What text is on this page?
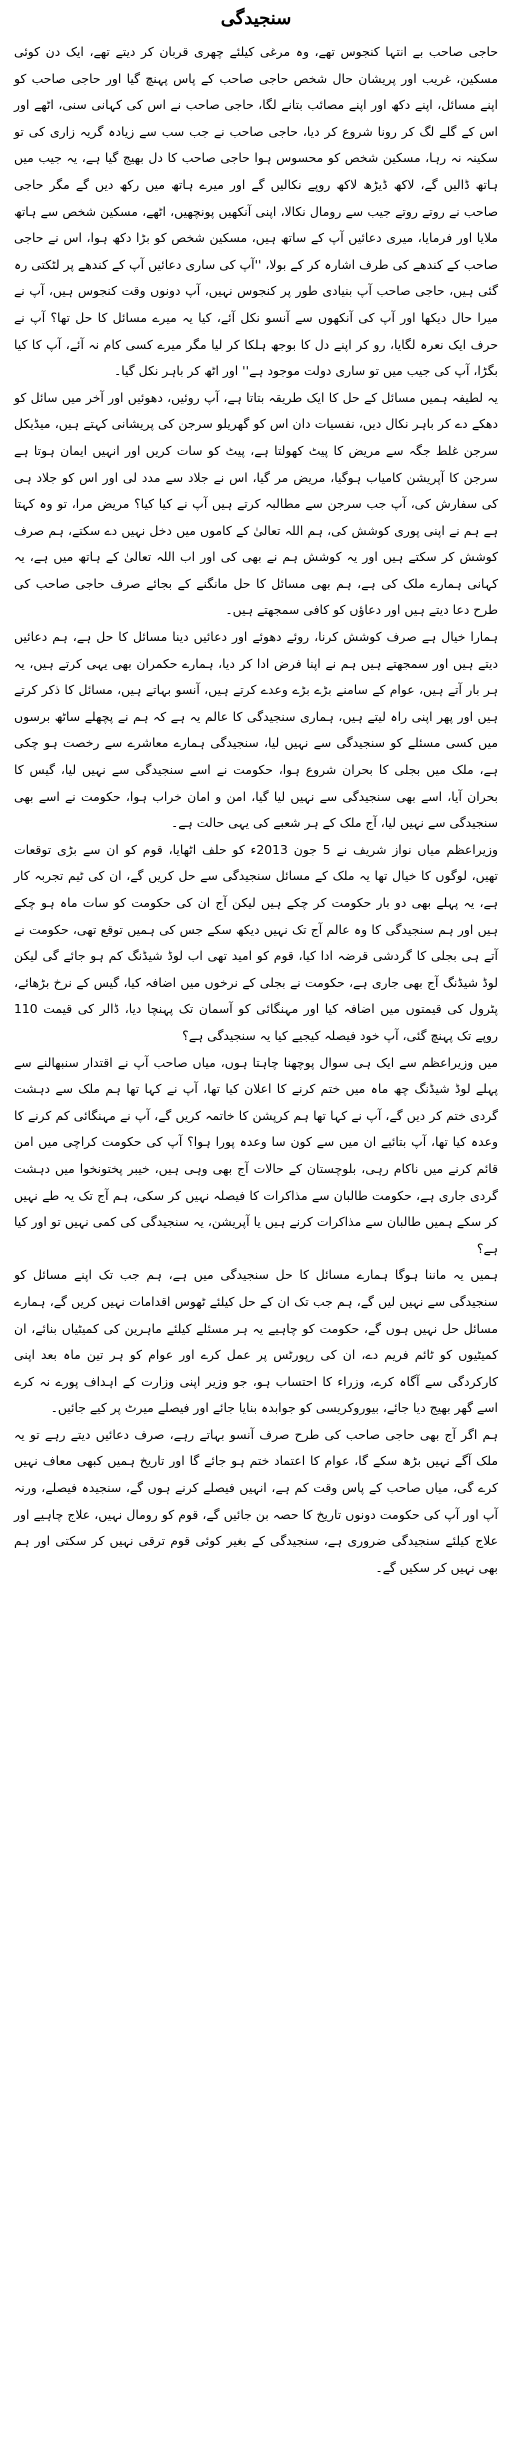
سنجیدگی

حاجی صاحب بے انتہا کنجوس تھے، وہ مرغی کیلئے چھری قربان کر دیتے تھے، ایک دن کوئی مسکین، غریب اور پریشان حال شخص حاجی صاحب کے پاس پہنچ گیا اور حاجی صاحب کو اپنے مسائل، اپنے دکھ اور اپنے مصائب بتانے لگا، حاجی صاحب نے اس کی کہانی سنی، اٹھے اور اس کے گلے لگ کر رونا شروع کر دیا، حاجی صاحب نے جب سب سے زیادہ گریہ زاری کی تو سکینہ نہ رہا، مسکین شخص کو محسوس ہوا حاجی صاحب کا دل بھیج گیا ہے، یہ جیب میں ہاتھ ڈالیں گے، لاکھ ڈیڑھ لاکھ روپے نکالیں گے اور میرے ہاتھ میں رکھ دیں گے مگر حاجی صاحب نے روتے روتے جیب سے رومال نکالا، اپنی آنکھیں پونچھیں، اٹھے، مسکین شخص سے ہاتھ ملایا اور فرمایا، میری دعائیں آپ کے ساتھ ہیں، مسکین شخص کو بڑا دکھ ہوا، اس نے حاجی صاحب کے کندھے کی طرف اشارہ کر کے بولا، ''آپ کی ساری دعائیں آپ کے کندھے پر لٹکتی رہ گئی ہیں، حاجی صاحب آپ بنیادی طور پر کنجوس نہیں، آپ دونوں وقت کنجوس ہیں، آپ نے میرا حال دیکھا اور آپ کی آنکھوں سے آنسو نکل آئے، کیا یہ میرے مسائل کا حل تھا؟ آپ نے حرف ایک نعرہ لگایا، رو کر اپنے دل کا بوجھ ہلکا کر لیا مگر میرے کسی کام نہ آئے، آپ کا کیا بگڑا، آپ کی جیب میں تو ساری دولت موجود ہے'' اور اٹھ کر باہر نکل گیا۔

یہ لطیفہ ہمیں مسائل کے حل کا ایک طریقہ بتاتا ہے، آپ روئیں، دھوئیں اور آخر میں سائل کو دھکے دے کر باہر نکال دیں، نفسیات دان اس کو گھریلو سرجن کی پریشانی کہتے ہیں، میڈیکل سرجن غلط جگہ سے مریض کا پیٹ کھولتا ہے، پیٹ کو سات کریں اور انہیں ایمان ہوتا ہے سرجن کا آپریشن کامیاب ہوگیا، مریض مر گیا، اس نے جلاد سے مدد لی اور اس کو جلاد ہی کی سفارش کی، آپ جب سرجن سے مطالبہ کرتے ہیں آپ نے کیا کیا؟ مریض مرا، تو وہ کہتا ہے ہم نے اپنی پوری کوشش کی، ہم اللہ تعالیٰ کے کاموں میں دخل نہیں دے سکتے، ہم صرف کوشش کر سکتے ہیں اور یہ کوشش ہم نے بھی کی اور اب اللہ تعالیٰ کے ہاتھ میں ہے، یہ کہانی ہمارے ملک کی ہے، ہم بھی مسائل کا حل مانگنے کے بجائے صرف حاجی صاحب کی طرح دعا دیتے ہیں اور دعاؤں کو کافی سمجھتے ہیں۔

ہمارا خیال ہے صرف کوشش کرنا، روئے دھوئے اور دعائیں دینا مسائل کا حل ہے، ہم دعائیں دیتے ہیں اور سمجھتے ہیں ہم نے اپنا فرض ادا کر دیا، ہمارے حکمران بھی یہی کرتے ہیں، یہ ہر بار آتے ہیں، عوام کے سامنے بڑے بڑے وعدے کرتے ہیں، آنسو بہاتے ہیں، مسائل کا ذکر کرتے ہیں اور پھر اپنی راہ لیتے ہیں، ہماری سنجیدگی کا عالم یہ ہے کہ ہم نے پچھلے ساٹھ برسوں میں کسی مسئلے کو سنجیدگی سے نہیں لیا، سنجیدگی ہمارے معاشرے سے رخصت ہو چکی ہے، ملک میں بجلی کا بحران شروع ہوا، حکومت نے اسے سنجیدگی سے نہیں لیا، گیس کا بحران آیا، اسے بھی سنجیدگی سے نہیں لیا گیا، امن و امان خراب ہوا، حکومت نے اسے بھی سنجیدگی سے نہیں لیا، آج ملک کے ہر شعبے کی یہی حالت ہے۔

وزیراعظم میاں نواز شریف نے 5 جون 2013ء کو حلف اٹھایا، قوم کو ان سے بڑی توقعات تھیں، لوگوں کا خیال تھا یہ ملک کے مسائل سنجیدگی سے حل کریں گے، ان کی ٹیم تجربہ کار ہے، یہ پہلے بھی دو بار حکومت کر چکے ہیں لیکن آج ان کی حکومت کو سات ماہ ہو چکے ہیں اور ہم سنجیدگی کا وہ عالم آج تک نہیں دیکھ سکے جس کی ہمیں توقع تھی، حکومت نے آتے ہی بجلی کا گردشی قرضہ ادا کیا، قوم کو امید تھی اب لوڈ شیڈنگ کم ہو جائے گی لیکن لوڈ شیڈنگ آج بھی جاری ہے، حکومت نے بجلی کے نرخوں میں اضافہ کیا، گیس کے نرخ بڑھائے، پٹرول کی قیمتوں میں اضافہ کیا اور مہنگائی کو آسمان تک پہنچا دیا، ڈالر کی قیمت 110 روپے تک پہنچ گئی، آپ خود فیصلہ کیجیے کیا یہ سنجیدگی ہے؟

میں وزیراعظم سے ایک ہی سوال پوچھنا چاہتا ہوں، میاں صاحب آپ نے اقتدار سنبھالنے سے پہلے لوڈ شیڈنگ چھ ماہ میں ختم کرنے کا اعلان کیا تھا، آپ نے کہا تھا ہم ملک سے دہشت گردی ختم کر دیں گے، آپ نے کہا تھا ہم کرپشن کا خاتمہ کریں گے، آپ نے مہنگائی کم کرنے کا وعدہ کیا تھا، آپ بتائیے ان میں سے کون سا وعدہ پورا ہوا؟ آپ کی حکومت کراچی میں امن قائم کرنے میں ناکام رہی، بلوچستان کے حالات آج بھی وہی ہیں، خیبر پختونخوا میں دہشت گردی جاری ہے، حکومت طالبان سے مذاکرات کا فیصلہ نہیں کر سکی، ہم آج تک یہ طے نہیں کر سکے ہمیں طالبان سے مذاکرات کرنے ہیں یا آپریشن، یہ سنجیدگی کی کمی نہیں تو اور کیا ہے؟

ہمیں یہ ماننا ہوگا ہمارے مسائل کا حل سنجیدگی میں ہے، ہم جب تک اپنے مسائل کو سنجیدگی سے نہیں لیں گے، ہم جب تک ان کے حل کیلئے ٹھوس اقدامات نہیں کریں گے، ہمارے مسائل حل نہیں ہوں گے، حکومت کو چاہیے یہ ہر مسئلے کیلئے ماہرین کی کمیٹیاں بنائے، ان کمیٹیوں کو ٹائم فریم دے، ان کی رپورٹس پر عمل کرے اور عوام کو ہر تین ماہ بعد اپنی کارکردگی سے آگاہ کرے، وزراء کا احتساب ہو، جو وزیر اپنی وزارت کے اہداف پورے نہ کرے اسے گھر بھیج دیا جائے، بیوروکریسی کو جوابدہ بنایا جائے اور فیصلے میرٹ پر کیے جائیں۔

ہم اگر آج بھی حاجی صاحب کی طرح صرف آنسو بہاتے رہے، صرف دعائیں دیتے رہے تو یہ ملک آگے نہیں بڑھ سکے گا، عوام کا اعتماد ختم ہو جائے گا اور تاریخ ہمیں کبھی معاف نہیں کرے گی، میاں صاحب کے پاس وقت کم ہے، انہیں فیصلے کرنے ہوں گے، سنجیدہ فیصلے، ورنہ آپ اور آپ کی حکومت دونوں تاریخ کا حصہ بن جائیں گے، قوم کو رومال نہیں، علاج چاہیے اور علاج کیلئے سنجیدگی ضروری ہے، سنجیدگی کے بغیر کوئی قوم ترقی نہیں کر سکتی اور ہم بھی نہیں کر سکیں گے۔
